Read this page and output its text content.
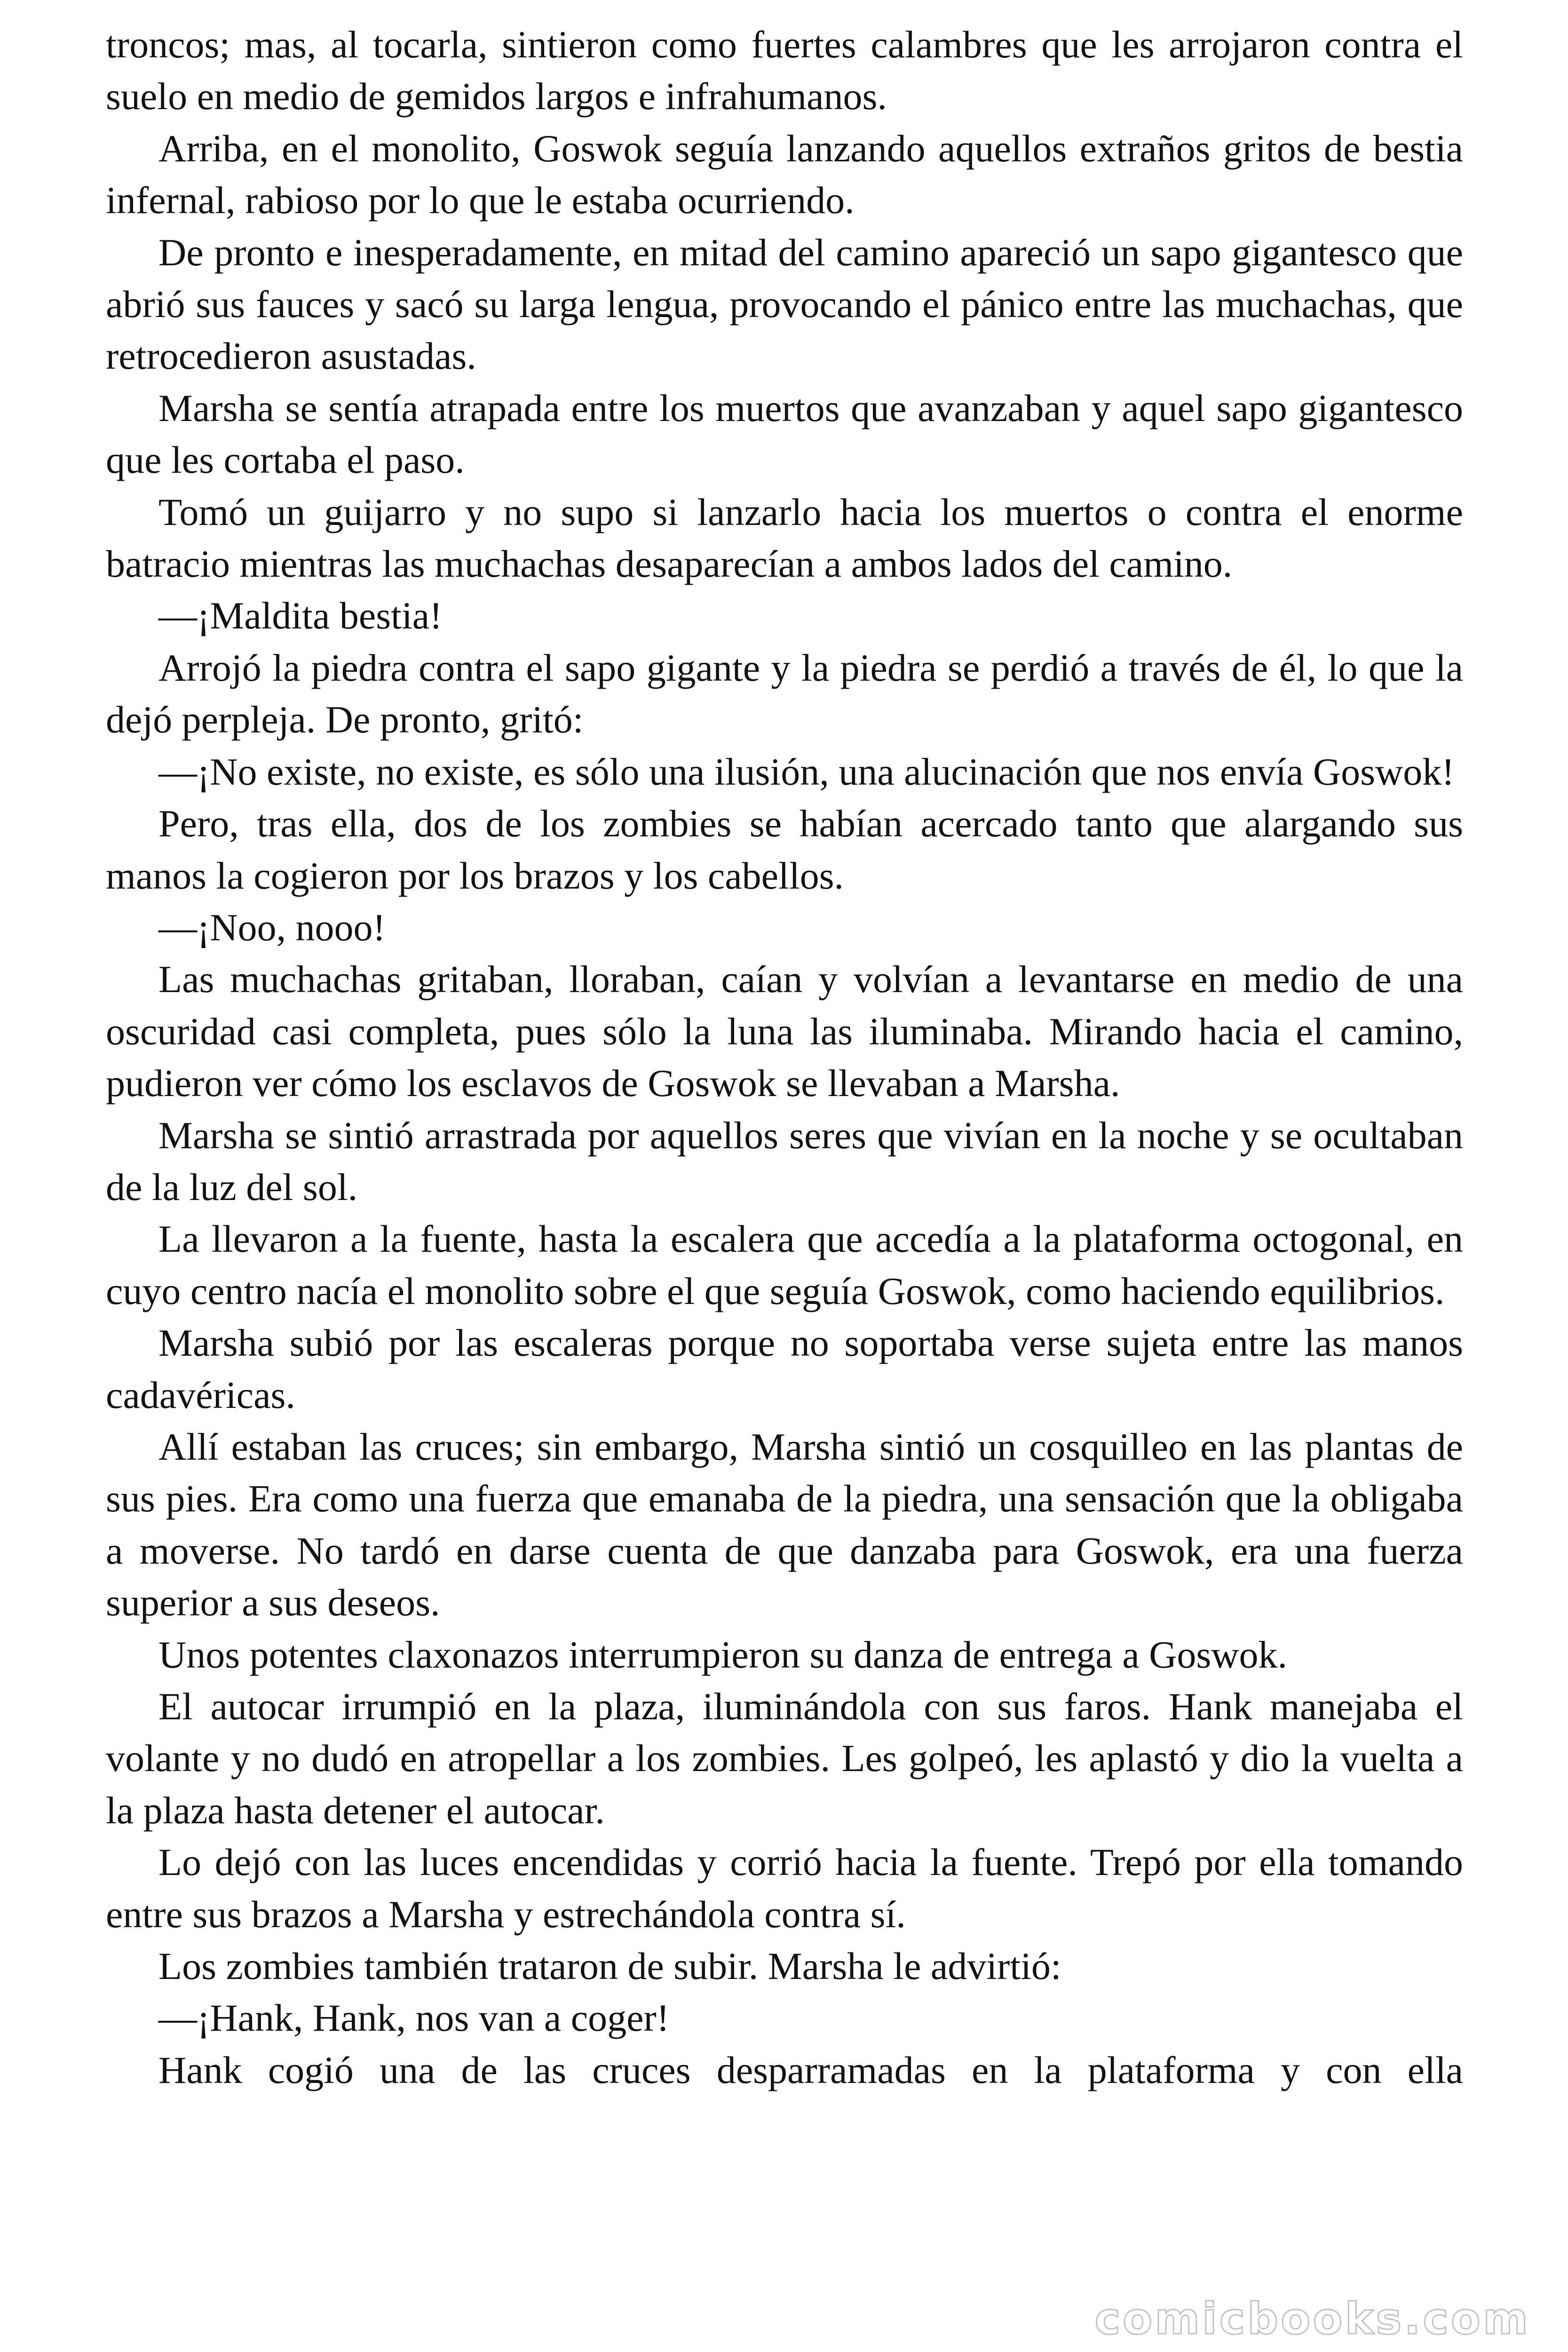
troncos; mas, al tocarla, sintieron como fuertes calambres que les arrojaron contra el suelo en medio de gemidos largos e infrahumanos.

Arriba, en el monolito, Goswok seguía lanzando aquellos extraños gritos de bestia infernal, rabioso por lo que le estaba ocurriendo.

De pronto e inesperadamente, en mitad del camino apareció un sapo gigantesco que abrió sus fauces y sacó su larga lengua, provocando el pánico entre las muchachas, que retrocedieron asustadas.

Marsha se sentía atrapada entre los muertos que avanzaban y aquel sapo gigantesco que les cortaba el paso.

Tomó un guijarro y no supo si lanzarlo hacia los muertos o contra el enorme batracio mientras las muchachas desaparecían a ambos lados del camino.

—¡Maldita bestia!

Arrojó la piedra contra el sapo gigante y la piedra se perdió a través de él, lo que la dejó perpleja. De pronto, gritó:

—¡No existe, no existe, es sólo una ilusión, una alucinación que nos envía Goswok!

Pero, tras ella, dos de los zombies se habían acercado tanto que alargando sus manos la cogieron por los brazos y los cabellos.

—¡Noo, nooo!

Las muchachas gritaban, lloraban, caían y volvían a levantarse en medio de una oscuridad casi completa, pues sólo la luna las iluminaba. Mirando hacia el camino, pudieron ver cómo los esclavos de Goswok se llevaban a Marsha.

Marsha se sintió arrastrada por aquellos seres que vivían en la noche y se ocultaban de la luz del sol.

La llevaron a la fuente, hasta la escalera que accedía a la plataforma octogonal, en cuyo centro nacía el monolito sobre el que seguía Goswok, como haciendo equilibrios.

Marsha subió por las escaleras porque no soportaba verse sujeta entre las manos cadavéricas.

Allí estaban las cruces; sin embargo, Marsha sintió un cosquilleo en las plantas de sus pies. Era como una fuerza que emanaba de la piedra, una sensación que la obligaba a moverse. No tardó en darse cuenta de que danzaba para Goswok, era una fuerza superior a sus deseos.

Unos potentes claxonazos interrumpieron su danza de entrega a Goswok.

El autocar irrumpió en la plaza, iluminándola con sus faros. Hank manejaba el volante y no dudó en atropellar a los zombies. Les golpeó, les aplastó y dio la vuelta a la plaza hasta detener el autocar.

Lo dejó con las luces encendidas y corrió hacia la fuente. Trepó por ella tomando entre sus brazos a Marsha y estrechándola contra sí.

Los zombies también trataron de subir. Marsha le advirtió:

—¡Hank, Hank, nos van a coger!

Hank cogió una de las cruces desparramadas en la plataforma y con ella

comicbooks.com
